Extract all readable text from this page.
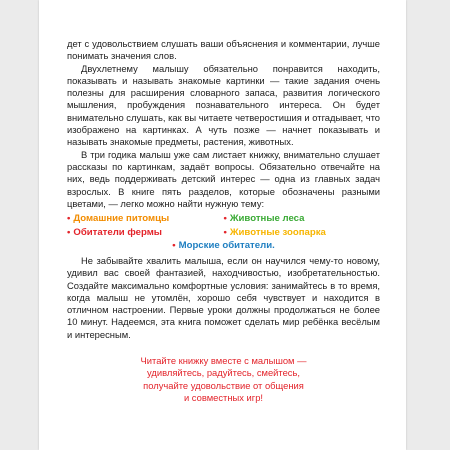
дет с удовольствием слушать ваши объяснения и комментарии, лучше понимать значения слов.

Двухлетнему малышу обязательно понравится находить, показывать и называть знакомые картинки — такие задания очень полезны для расширения словарного запаса, развития логического мышления, пробуждения познавательного интереса. Он будет внимательно слушать, как вы читаете четверостишия и отгадывает, что изображено на картинках. А чуть позже — начнет показывать и называть знакомые предметы, растения, животных.

В три годика малыш уже сам листает книжку, внимательно слушает рассказы по картинкам, задаёт вопросы. Обязательно отвечайте на них, ведь поддерживать детский интерес — одна из главных задач взрослых. В книге пять разделов, которые обозначены разными цветами, — легко можно найти нужную тему:

• Домашние питомцы	• Животные леса
• Обитатели фермы	• Животные зоопарка
• Морские обитатели.

Не забывайте хвалить малыша, если он научился чему-то новому, удивил вас своей фантазией, находчивостью, изобретательностью. Создайте максимально комфортные условия: занимайтесь в то время, когда малыш не утомлён, хорошо себя чувствует и находится в отличном настроении. Первые уроки должны продолжаться не более 10 минут. Надеемся, эта книга поможет сделать мир ребёнка весёлым и интересным.

Читайте книжку вместе с малышом —
удивляйтесь, радуйтесь, смейтесь,
получайте удовольствие от общения
и совместных игр!
